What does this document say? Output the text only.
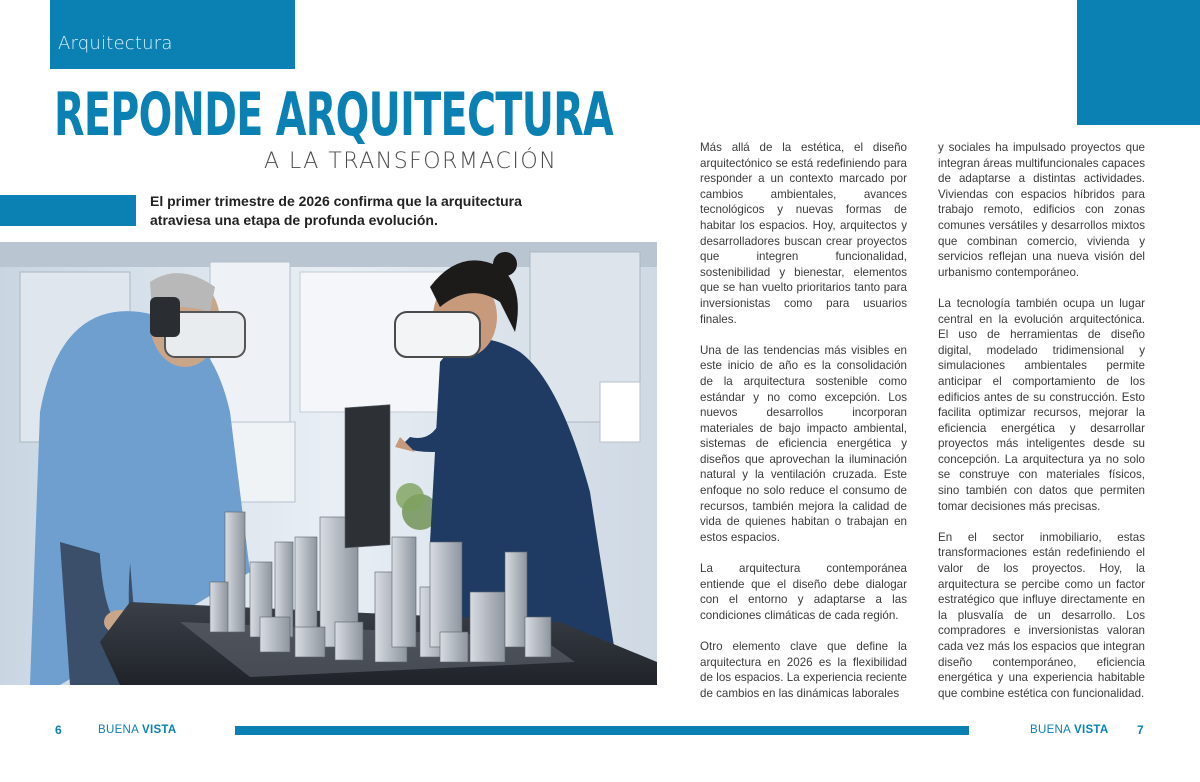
Arquitectura
REPONDE ARQUITECTURA
A LA TRANSFORMACIÓN

El primer trimestre de 2026 confirma que la arquitectura atraviesa una etapa de profunda evolución.

Más allá de la estética, el diseño arquitectónico se está redefiniendo para responder a un contexto marcado por cambios ambientales, avances tecnológicos y nuevas formas de habitar los espacios. Hoy, arquitectos y desarrolladores buscan crear proyectos que integren funcionalidad, sostenibilidad y bienestar, elementos que se han vuelto prioritarios tanto para inversionistas como para usuarios finales.

Una de las tendencias más visibles en este inicio de año es la consolidación de la arquitectura sostenible como estándar y no como excepción. Los nuevos desarrollos incorporan materiales de bajo impacto ambiental, sistemas de eficiencia energética y diseños que aprovechan la iluminación natural y la ventilación cruzada. Este enfoque no solo reduce el consumo de recursos, también mejora la calidad de vida de quienes habitan o trabajan en estos espacios.

La arquitectura contemporánea entiende que el diseño debe dialogar con el entorno y adaptarse a las condiciones climáticas de cada región.

Otro elemento clave que define la arquitectura en 2026 es la flexibilidad de los espacios. La experiencia reciente de cambios en las dinámicas laborales

y sociales ha impulsado proyectos que integran áreas multifuncionales capaces de adaptarse a distintas actividades. Viviendas con espacios híbridos para trabajo remoto, edificios con zonas comunes versátiles y desarrollos mixtos que combinan comercio, vivienda y servicios reflejan una nueva visión del urbanismo contemporáneo.

La tecnología también ocupa un lugar central en la evolución arquitectónica. El uso de herramientas de diseño digital, modelado tridimensional y simulaciones ambientales permite anticipar el comportamiento de los edificios antes de su construcción. Esto facilita optimizar recursos, mejorar la eficiencia energética y desarrollar proyectos más inteligentes desde su concepción. La arquitectura ya no solo se construye con materiales físicos, sino también con datos que permiten tomar decisiones más precisas.

En el sector inmobiliario, estas transformaciones están redefiniendo el valor de los proyectos. Hoy, la arquitectura se percibe como un factor estratégico que influye directamente en la plusvalía de un desarrollo. Los compradores e inversionistas valoran cada vez más los espacios que integran diseño contemporáneo, eficiencia energética y una experiencia habitable que combine estética con funcionalidad.

6	BUENA VISTA	BUENA VISTA 7
